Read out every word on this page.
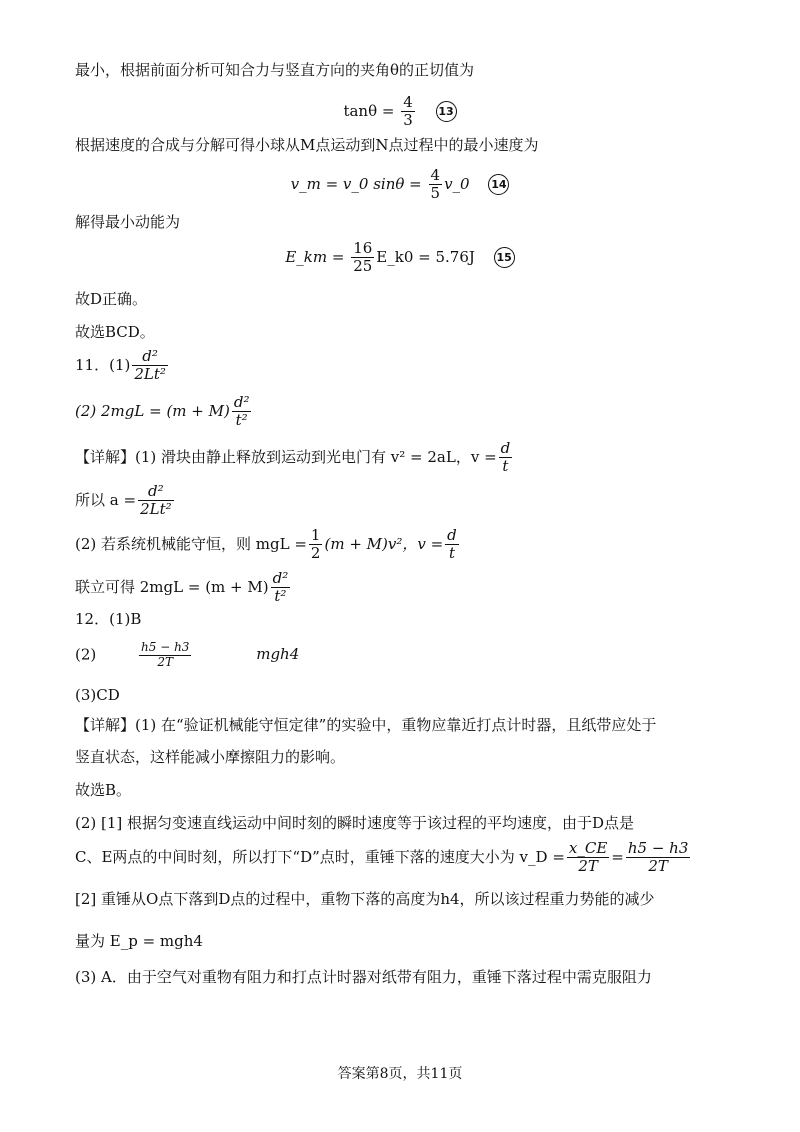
最小，根据前面分析可知合力与竖直方向的夹角θ的正切值为
$\tan\theta = \frac{4}{3} 13$
根据速度的合成与分解可得小球从M点运动到N点过程中的最小速度为
v_m = v_0 $\sin\theta = \frac{4}{5}$ v_0 14
解得最小动能为
E_km = $\frac{16}{25}$ E_k0 = 5.76J 15
故D正确。
故选BCD。
11．$(1) \frac{\text{d²}}{\text{2Lt²}}$
(2) $2mgL = (m + M) \frac{\text{d²}}{\text{t²}}$
【详解】(1) 滑块由静止释放到运动到光电门有 v² = 2aL，$v = \frac{d}{t}$
所以 $a = \frac{\text{d²}}{\text{2Lt²}}$
(2) 若系统机械能守恒，则 mgL = $\frac{1}{2} (m + M)v^2$，$v = \frac{d}{t}$
联立可得 $2mgL = (m + M) \frac{\text{d²}}{\text{t²}}$
12．(1)B
(2)	$\frac{h5 - h3}{2T}$	mgh4
(3)CD
【详解】(1) 在“验证机械能守恒定律”的实验中，重物应靠近打点计时器，且纸带应处于
竖直状态，这样能减小摩擦阻力的影响。
故选B。
(2) [1] 根据匀变速直线运动中间时刻的瞬时速度等于该过程的平均速度，由于D点是
C、E两点的中间时刻，所以打下“D”点时，重锤下落的速度大小为 v_D = $\frac{x\_CE}{2T} = \frac{h5 - h3}{2T}$
[2] 重锤从O点下落到D点的过程中，重物下落的高度为h4，所以该过程重力势能的减少
量为 E_p = mgh4
(3) A．由于空气对重物有阻力和打点计时器对纸带有阻力，重锤下落过程中需克服阻力
答案第8页，共11页
